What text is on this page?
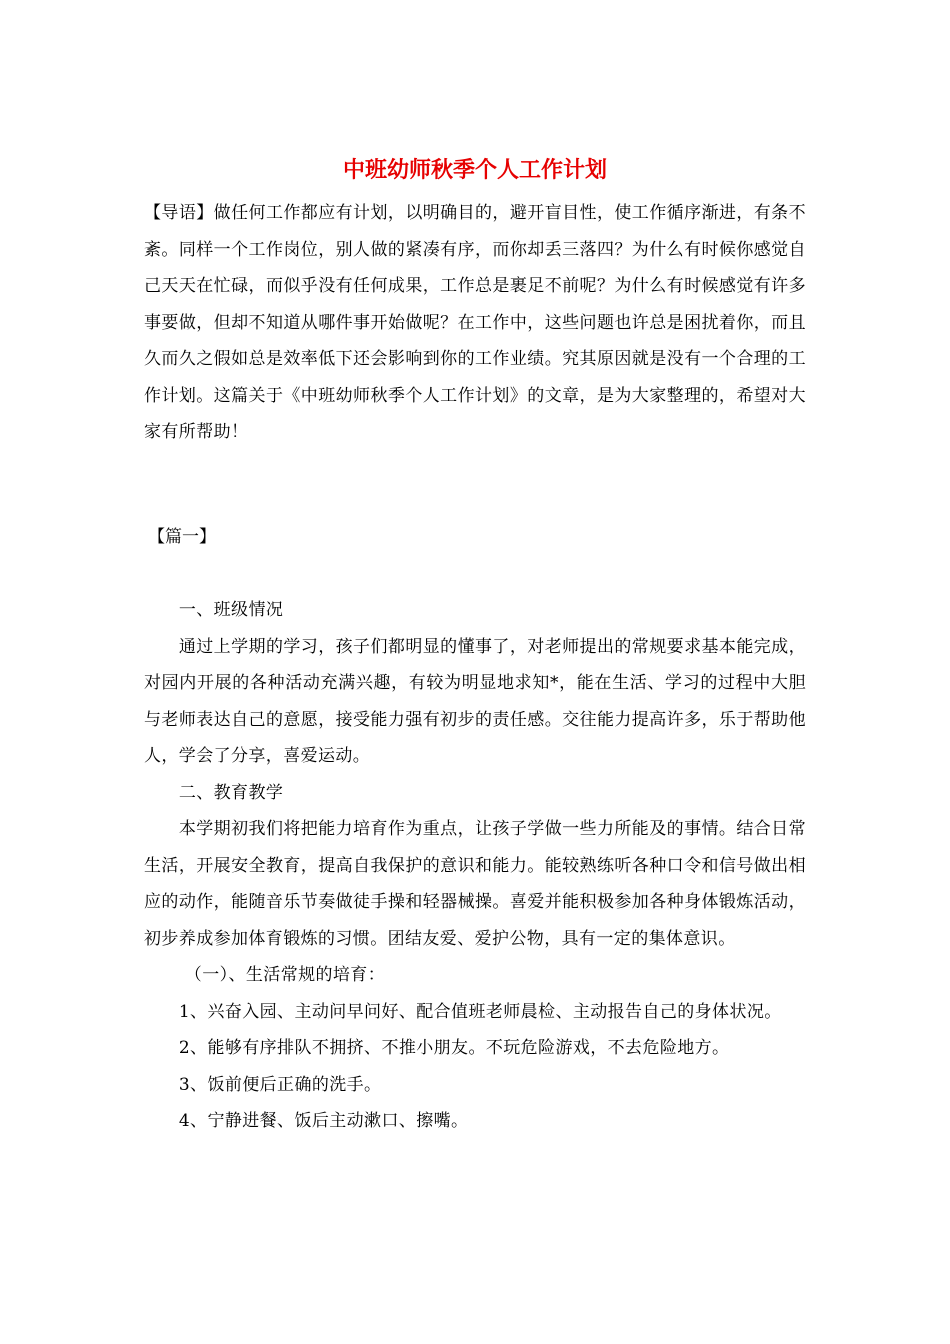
中班幼师秋季个人工作计划

【导语】做任何工作都应有计划，以明确目的，避开盲目性，使工作循序渐进，有条不紊。同样一个工作岗位，别人做的紧凑有序，而你却丢三落四？为什么有时候你感觉自己天天在忙碌，而似乎没有任何成果，工作总是裹足不前呢？为什么有时候感觉有许多事要做，但却不知道从哪件事开始做呢？在工作中，这些问题也许总是困扰着你，而且久而久之假如总是效率低下还会影响到你的工作业绩。究其原因就是没有一个合理的工作计划。这篇关于《中班幼师秋季个人工作计划》的文章，是为大家整理的，希望对大家有所帮助！

【篇一】

一、班级情况

通过上学期的学习，孩子们都明显的懂事了，对老师提出的常规要求基本能完成，对园内开展的各种活动充满兴趣，有较为明显地求知*，能在生活、学习的过程中大胆与老师表达自己的意愿，接受能力强有初步的责任感。交往能力提高许多，乐于帮助他人，学会了分享，喜爱运动。

二、教育教学

本学期初我们将把能力培育作为重点，让孩子学做一些力所能及的事情。结合日常生活，开展安全教育，提高自我保护的意识和能力。能较熟练听各种口令和信号做出相应的动作，能随音乐节奏做徒手操和轻器械操。喜爱并能积极参加各种身体锻炼活动，初步养成参加体育锻炼的习惯。团结友爱、爱护公物，具有一定的集体意识。

（一）、生活常规的培育：

1、兴奋入园、主动问早问好、配合值班老师晨检、主动报告自己的身体状况。

2、能够有序排队不拥挤、不推小朋友。不玩危险游戏，不去危险地方。

3、饭前便后正确的洗手。

4、宁静进餐、饭后主动漱口、擦嘴。
